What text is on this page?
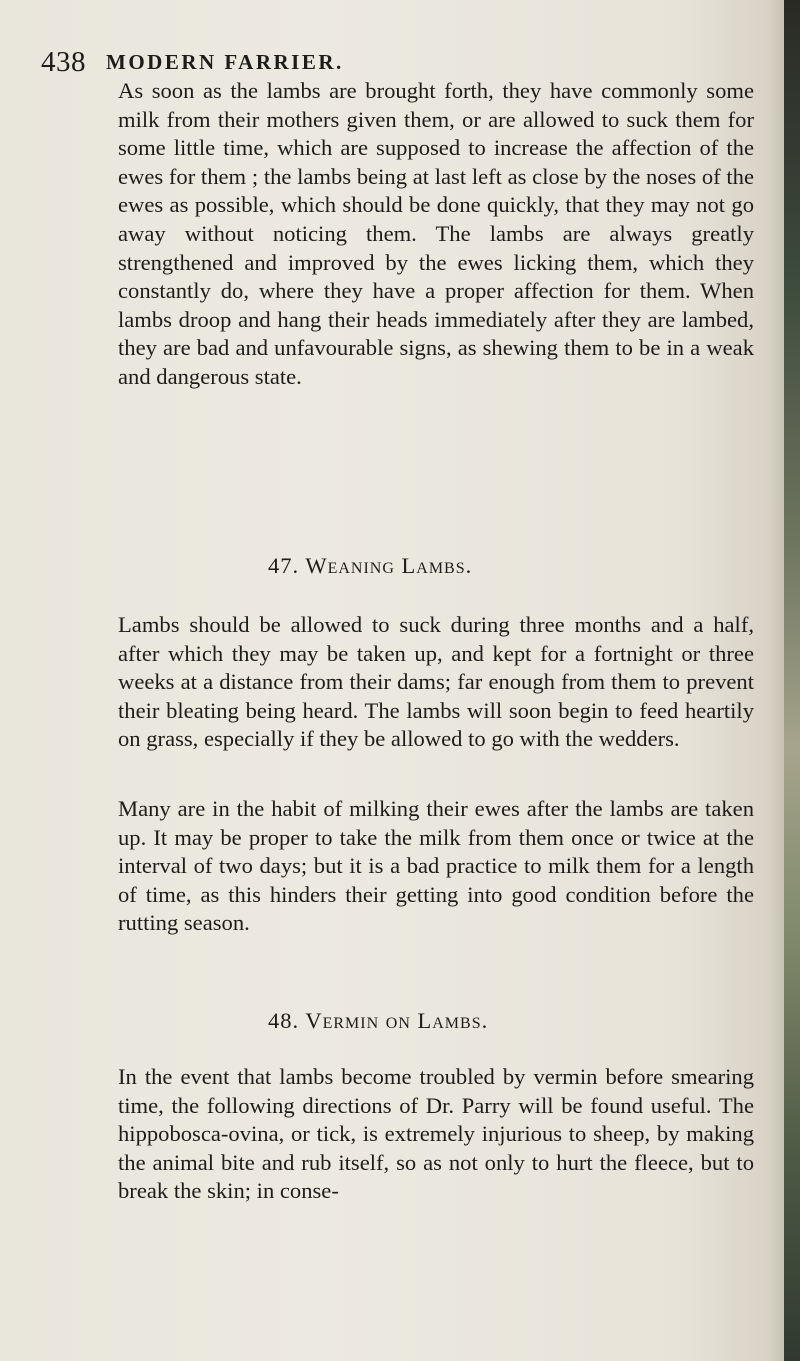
438 MODERN FARRIER.

As soon as the lambs are brought forth, they have commonly some milk from their mothers given them, or are allowed to suck them for some little time, which are supposed to increase the affection of the ewes for them ; the lambs being at last left as close by the noses of the ewes as possible, which should be done quickly, that they may not go away without noticing them. The lambs are always greatly strengthened and improved by the ewes licking them, which they constantly do, where they have a proper affection for them. When lambs droop and hang their heads immediately after they are lambed, they are bad and unfavourable signs, as shewing them to be in a weak and dangerous state.

47. Weaning Lambs.

Lambs should be allowed to suck during three months and a half, after which they may be taken up, and kept for a fortnight or three weeks at a distance from their dams; far enough from them to prevent their bleating being heard. The lambs will soon begin to feed heartily on grass, especially if they be allowed to go with the wedders.

Many are in the habit of milking their ewes after the lambs are taken up. It may be proper to take the milk from them once or twice at the interval of two days; but it is a bad practice to milk them for a length of time, as this hinders their getting into good condition before the rutting season.

48. Vermin on Lambs.

In the event that lambs become troubled by vermin before smearing time, the following directions of Dr. Parry will be found useful. The hippobosca-ovina, or tick, is extremely injurious to sheep, by making the animal bite and rub itself, so as not only to hurt the fleece, but to break the skin; in conse-
